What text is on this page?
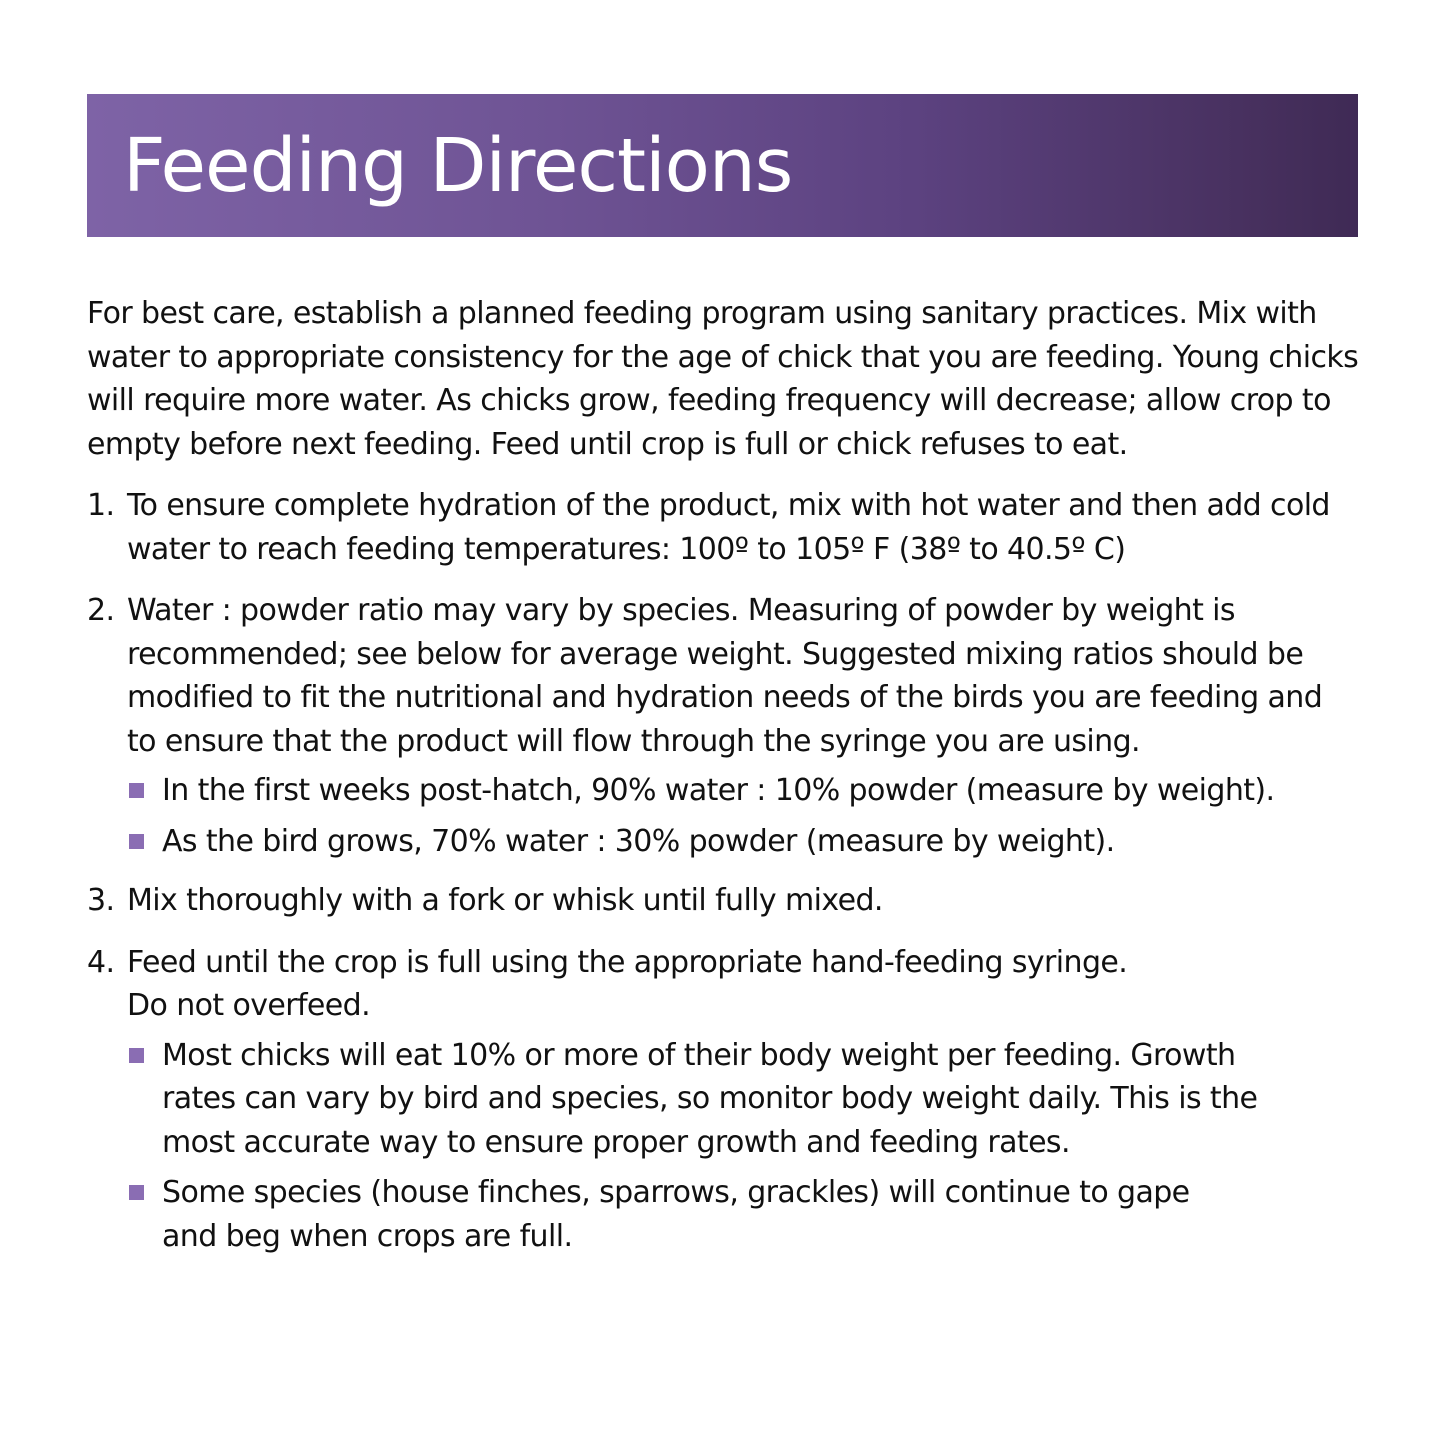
Feeding Directions

For best care, establish a planned feeding program using sanitary practices. Mix with water to appropriate consistency for the age of chick that you are feeding. Young chicks will require more water. As chicks grow, feeding frequency will decrease; allow crop to empty before next feeding. Feed until crop is full or chick refuses to eat.

1. To ensure complete hydration of the product, mix with hot water and then add cold water to reach feeding temperatures: 100º to 105º F (38º to 40.5º C)
2. Water : powder ratio may vary by species. Measuring of powder by weight is recommended; see below for average weight. Suggested mixing ratios should be modified to fit the nutritional and hydration needs of the birds you are feeding and to ensure that the product will flow through the syringe you are using.
In the first weeks post-hatch, 90% water : 10% powder (measure by weight).
As the bird grows, 70% water : 30% powder (measure by weight).
3. Mix thoroughly with a fork or whisk until fully mixed.
4. Feed until the crop is full using the appropriate hand-feeding syringe. Do not overfeed.
Most chicks will eat 10% or more of their body weight per feeding. Growth rates can vary by bird and species, so monitor body weight daily. This is the most accurate way to ensure proper growth and feeding rates.
Some species (house finches, sparrows, grackles) will continue to gape and beg when crops are full.
